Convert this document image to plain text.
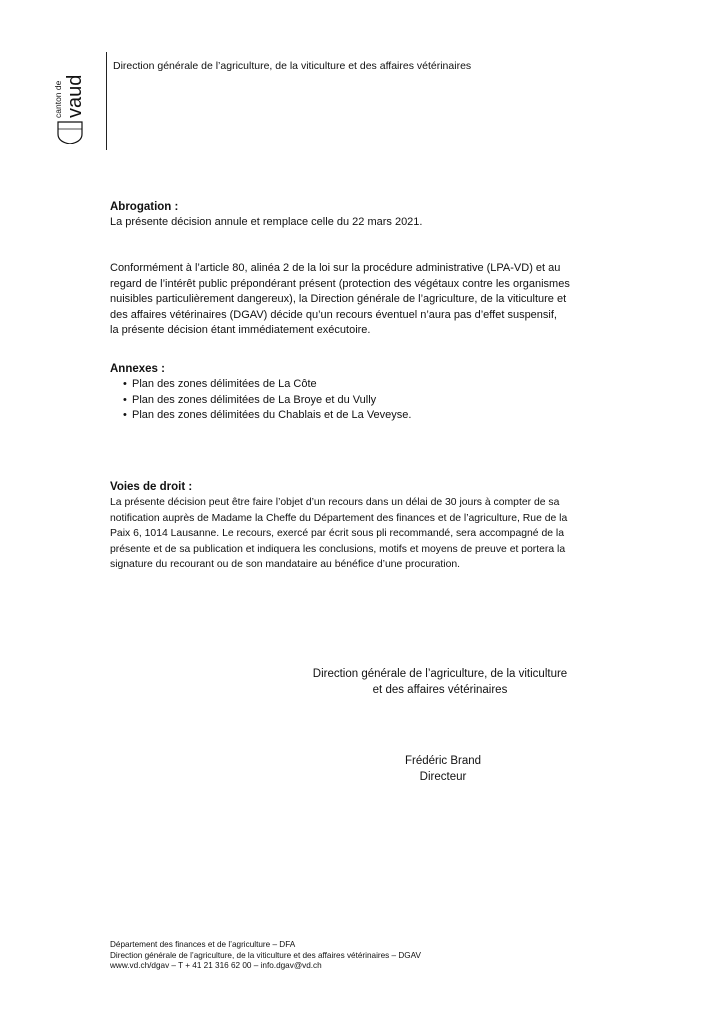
canton de vaud
Direction générale de l’agriculture, de la viticulture et des affaires vétérinaires
Abrogation :
La présente décision annule et remplace celle du 22 mars 2021.
Conformément à l’article 80, alinéa 2 de la loi sur la procédure administrative (LPA-VD) et au
regard de l’intérêt public prépondérant présent (protection des végétaux contre les organismes
nuisibles particulièrement dangereux), la Direction générale de l’agriculture, de la viticulture et
des affaires vétérinaires (DGAV) décide qu’un recours éventuel n’aura pas d’effet suspensif,
la présente décision étant immédiatement exécutoire.
Annexes :
• Plan des zones délimitées de La Côte
• Plan des zones délimitées de La Broye et du Vully
• Plan des zones délimitées du Chablais et de La Veveyse.
Voies de droit :
La présente décision peut être faire l’objet d’un recours dans un délai de 30 jours à compter de sa
notification auprès de Madame la Cheffe du Département des finances et de l’agriculture, Rue de la
Paix 6, 1014 Lausanne. Le recours, exercé par écrit sous pli recommandé, sera accompagné de la
présente et de sa publication et indiquera les conclusions, motifs et moyens de preuve et portera la
signature du recourant ou de son mandataire au bénéfice d’une procuration.
Direction générale de l’agriculture, de la viticulture
et des affaires vétérinaires
Frédéric Brand
Directeur
Département des finances et de l’agriculture – DFA
Direction générale de l’agriculture, de la viticulture et des affaires vétérinaires – DGAV
www.vd.ch/dgav – T + 41 21 316 62 00 – info.dgav@vd.ch
